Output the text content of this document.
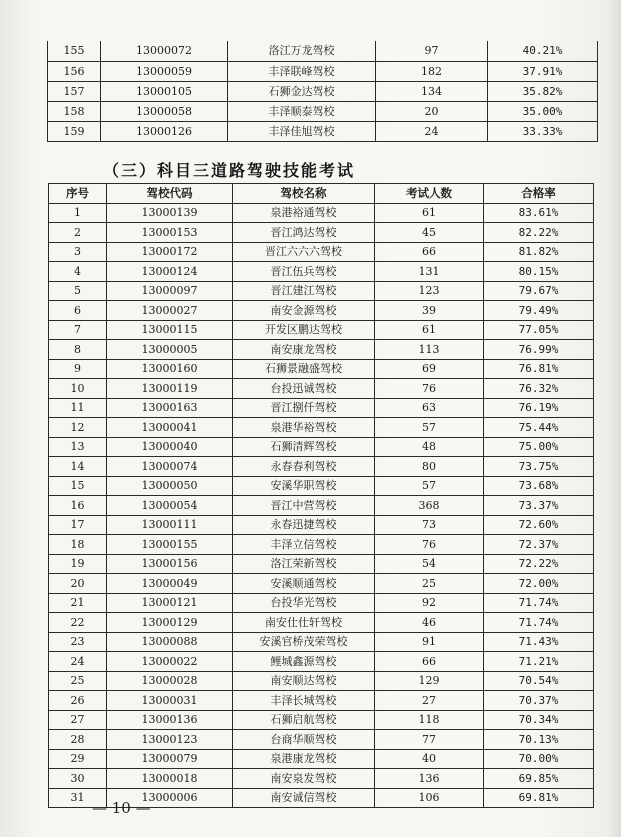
155	13000072	洛江万龙驾校	97	40.21%
156	13000059	丰泽联峰驾校	182	37.91%
157	13000105	石狮金达驾校	134	35.82%
158	13000058	丰泽顺泰驾校	20	35.00%
159	13000126	丰泽佳旭驾校	24	33.33%
（三）科目三道路驾驶技能考试
序号	驾校代码	驾校名称	考试人数	合格率
1	13000139	泉港裕通驾校	61	83.61%
2	13000153	晋江鸿达驾校	45	82.22%
3	13000172	晋江六六六驾校	66	81.82%
4	13000124	晋江伍兵驾校	131	80.15%
5	13000097	晋江建江驾校	123	79.67%
6	13000027	南安金源驾校	39	79.49%
7	13000115	开发区鹏达驾校	61	77.05%
8	13000005	南安康龙驾校	113	76.99%
9	13000160	石狮景融盛驾校	69	76.81%
10	13000119	台投迅诚驾校	76	76.32%
11	13000163	晋江捌仟驾校	63	76.19%
12	13000041	泉港华裕驾校	57	75.44%
13	13000040	石狮清辉驾校	48	75.00%
14	13000074	永春春利驾校	80	73.75%
15	13000050	安溪华职驾校	57	73.68%
16	13000054	晋江中营驾校	368	73.37%
17	13000111	永春迅捷驾校	73	72.60%
18	13000155	丰泽立信驾校	76	72.37%
19	13000156	洛江荣新驾校	54	72.22%
20	13000049	安溪顺通驾校	25	72.00%
21	13000121	台投华光驾校	92	71.74%
22	13000129	南安仕仕轩驾校	46	71.74%
23	13000088	安溪官桥茂荣驾校	91	71.43%
24	13000022	鲤城鑫源驾校	66	71.21%
25	13000028	南安顺达驾校	129	70.54%
26	13000031	丰泽长城驾校	27	70.37%
27	13000136	石狮启航驾校	118	70.34%
28	13000123	台商华顺驾校	77	70.13%
29	13000079	泉港康龙驾校	40	70.00%
30	13000018	南安泉发驾校	136	69.85%
31	13000006	南安诚信驾校	106	69.81%
— 10 —
